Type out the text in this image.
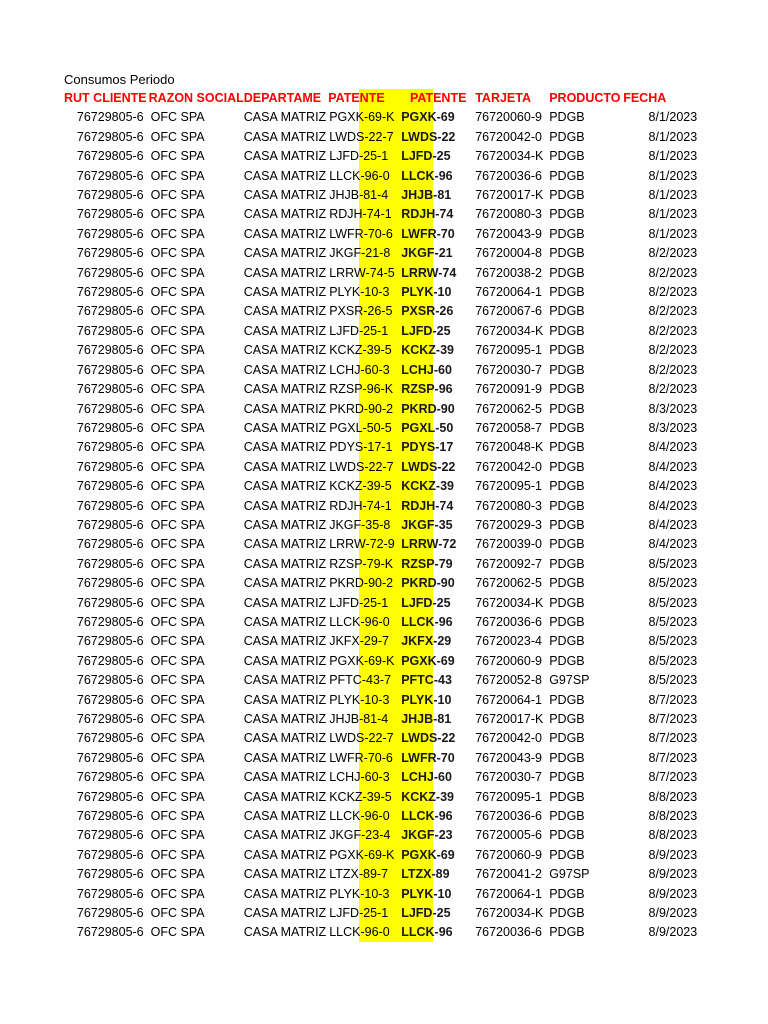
Consumos Periodo
	RUT CLIENTE	RAZON SOCIAL	DEPARTAME	PATENTE	PATENTE	TARJETA	PRODUCTO	FECHA
	76729805-6	OFC SPA	CASA MATRIZ	PGXK-69-K	PGXK-69	76720060-9	PDGB	8/1/2023
	76729805-6	OFC SPA	CASA MATRIZ	LWDS-22-7	LWDS-22	76720042-0	PDGB	8/1/2023
	76729805-6	OFC SPA	CASA MATRIZ	LJFD-25-1	LJFD-25	76720034-K	PDGB	8/1/2023
	76729805-6	OFC SPA	CASA MATRIZ	LLCK-96-0	LLCK-96	76720036-6	PDGB	8/1/2023
	76729805-6	OFC SPA	CASA MATRIZ	JHJB-81-4	JHJB-81	76720017-K	PDGB	8/1/2023
	76729805-6	OFC SPA	CASA MATRIZ	RDJH-74-1	RDJH-74	76720080-3	PDGB	8/1/2023
	76729805-6	OFC SPA	CASA MATRIZ	LWFR-70-6	LWFR-70	76720043-9	PDGB	8/1/2023
	76729805-6	OFC SPA	CASA MATRIZ	JKGF-21-8	JKGF-21	76720004-8	PDGB	8/2/2023
	76729805-6	OFC SPA	CASA MATRIZ	LRRW-74-5	LRRW-74	76720038-2	PDGB	8/2/2023
	76729805-6	OFC SPA	CASA MATRIZ	PLYK-10-3	PLYK-10	76720064-1	PDGB	8/2/2023
	76729805-6	OFC SPA	CASA MATRIZ	PXSR-26-5	PXSR-26	76720067-6	PDGB	8/2/2023
	76729805-6	OFC SPA	CASA MATRIZ	LJFD-25-1	LJFD-25	76720034-K	PDGB	8/2/2023
	76729805-6	OFC SPA	CASA MATRIZ	KCKZ-39-5	KCKZ-39	76720095-1	PDGB	8/2/2023
	76729805-6	OFC SPA	CASA MATRIZ	LCHJ-60-3	LCHJ-60	76720030-7	PDGB	8/2/2023
	76729805-6	OFC SPA	CASA MATRIZ	RZSP-96-K	RZSP-96	76720091-9	PDGB	8/2/2023
	76729805-6	OFC SPA	CASA MATRIZ	PKRD-90-2	PKRD-90	76720062-5	PDGB	8/3/2023
	76729805-6	OFC SPA	CASA MATRIZ	PGXL-50-5	PGXL-50	76720058-7	PDGB	8/3/2023
	76729805-6	OFC SPA	CASA MATRIZ	PDYS-17-1	PDYS-17	76720048-K	PDGB	8/4/2023
	76729805-6	OFC SPA	CASA MATRIZ	LWDS-22-7	LWDS-22	76720042-0	PDGB	8/4/2023
	76729805-6	OFC SPA	CASA MATRIZ	KCKZ-39-5	KCKZ-39	76720095-1	PDGB	8/4/2023
	76729805-6	OFC SPA	CASA MATRIZ	RDJH-74-1	RDJH-74	76720080-3	PDGB	8/4/2023
	76729805-6	OFC SPA	CASA MATRIZ	JKGF-35-8	JKGF-35	76720029-3	PDGB	8/4/2023
	76729805-6	OFC SPA	CASA MATRIZ	LRRW-72-9	LRRW-72	76720039-0	PDGB	8/4/2023
	76729805-6	OFC SPA	CASA MATRIZ	RZSP-79-K	RZSP-79	76720092-7	PDGB	8/5/2023
	76729805-6	OFC SPA	CASA MATRIZ	PKRD-90-2	PKRD-90	76720062-5	PDGB	8/5/2023
	76729805-6	OFC SPA	CASA MATRIZ	LJFD-25-1	LJFD-25	76720034-K	PDGB	8/5/2023
	76729805-6	OFC SPA	CASA MATRIZ	LLCK-96-0	LLCK-96	76720036-6	PDGB	8/5/2023
	76729805-6	OFC SPA	CASA MATRIZ	JKFX-29-7	JKFX-29	76720023-4	PDGB	8/5/2023
	76729805-6	OFC SPA	CASA MATRIZ	PGXK-69-K	PGXK-69	76720060-9	PDGB	8/5/2023
	76729805-6	OFC SPA	CASA MATRIZ	PFTC-43-7	PFTC-43	76720052-8	G97SP	8/5/2023
	76729805-6	OFC SPA	CASA MATRIZ	PLYK-10-3	PLYK-10	76720064-1	PDGB	8/7/2023
	76729805-6	OFC SPA	CASA MATRIZ	JHJB-81-4	JHJB-81	76720017-K	PDGB	8/7/2023
	76729805-6	OFC SPA	CASA MATRIZ	LWDS-22-7	LWDS-22	76720042-0	PDGB	8/7/2023
	76729805-6	OFC SPA	CASA MATRIZ	LWFR-70-6	LWFR-70	76720043-9	PDGB	8/7/2023
	76729805-6	OFC SPA	CASA MATRIZ	LCHJ-60-3	LCHJ-60	76720030-7	PDGB	8/7/2023
	76729805-6	OFC SPA	CASA MATRIZ	KCKZ-39-5	KCKZ-39	76720095-1	PDGB	8/8/2023
	76729805-6	OFC SPA	CASA MATRIZ	LLCK-96-0	LLCK-96	76720036-6	PDGB	8/8/2023
	76729805-6	OFC SPA	CASA MATRIZ	JKGF-23-4	JKGF-23	76720005-6	PDGB	8/8/2023
	76729805-6	OFC SPA	CASA MATRIZ	PGXK-69-K	PGXK-69	76720060-9	PDGB	8/9/2023
	76729805-6	OFC SPA	CASA MATRIZ	LTZX-89-7	LTZX-89	76720041-2	G97SP	8/9/2023
	76729805-6	OFC SPA	CASA MATRIZ	PLYK-10-3	PLYK-10	76720064-1	PDGB	8/9/2023
	76729805-6	OFC SPA	CASA MATRIZ	LJFD-25-1	LJFD-25	76720034-K	PDGB	8/9/2023
	76729805-6	OFC SPA	CASA MATRIZ	LLCK-96-0	LLCK-96	76720036-6	PDGB	8/9/2023
